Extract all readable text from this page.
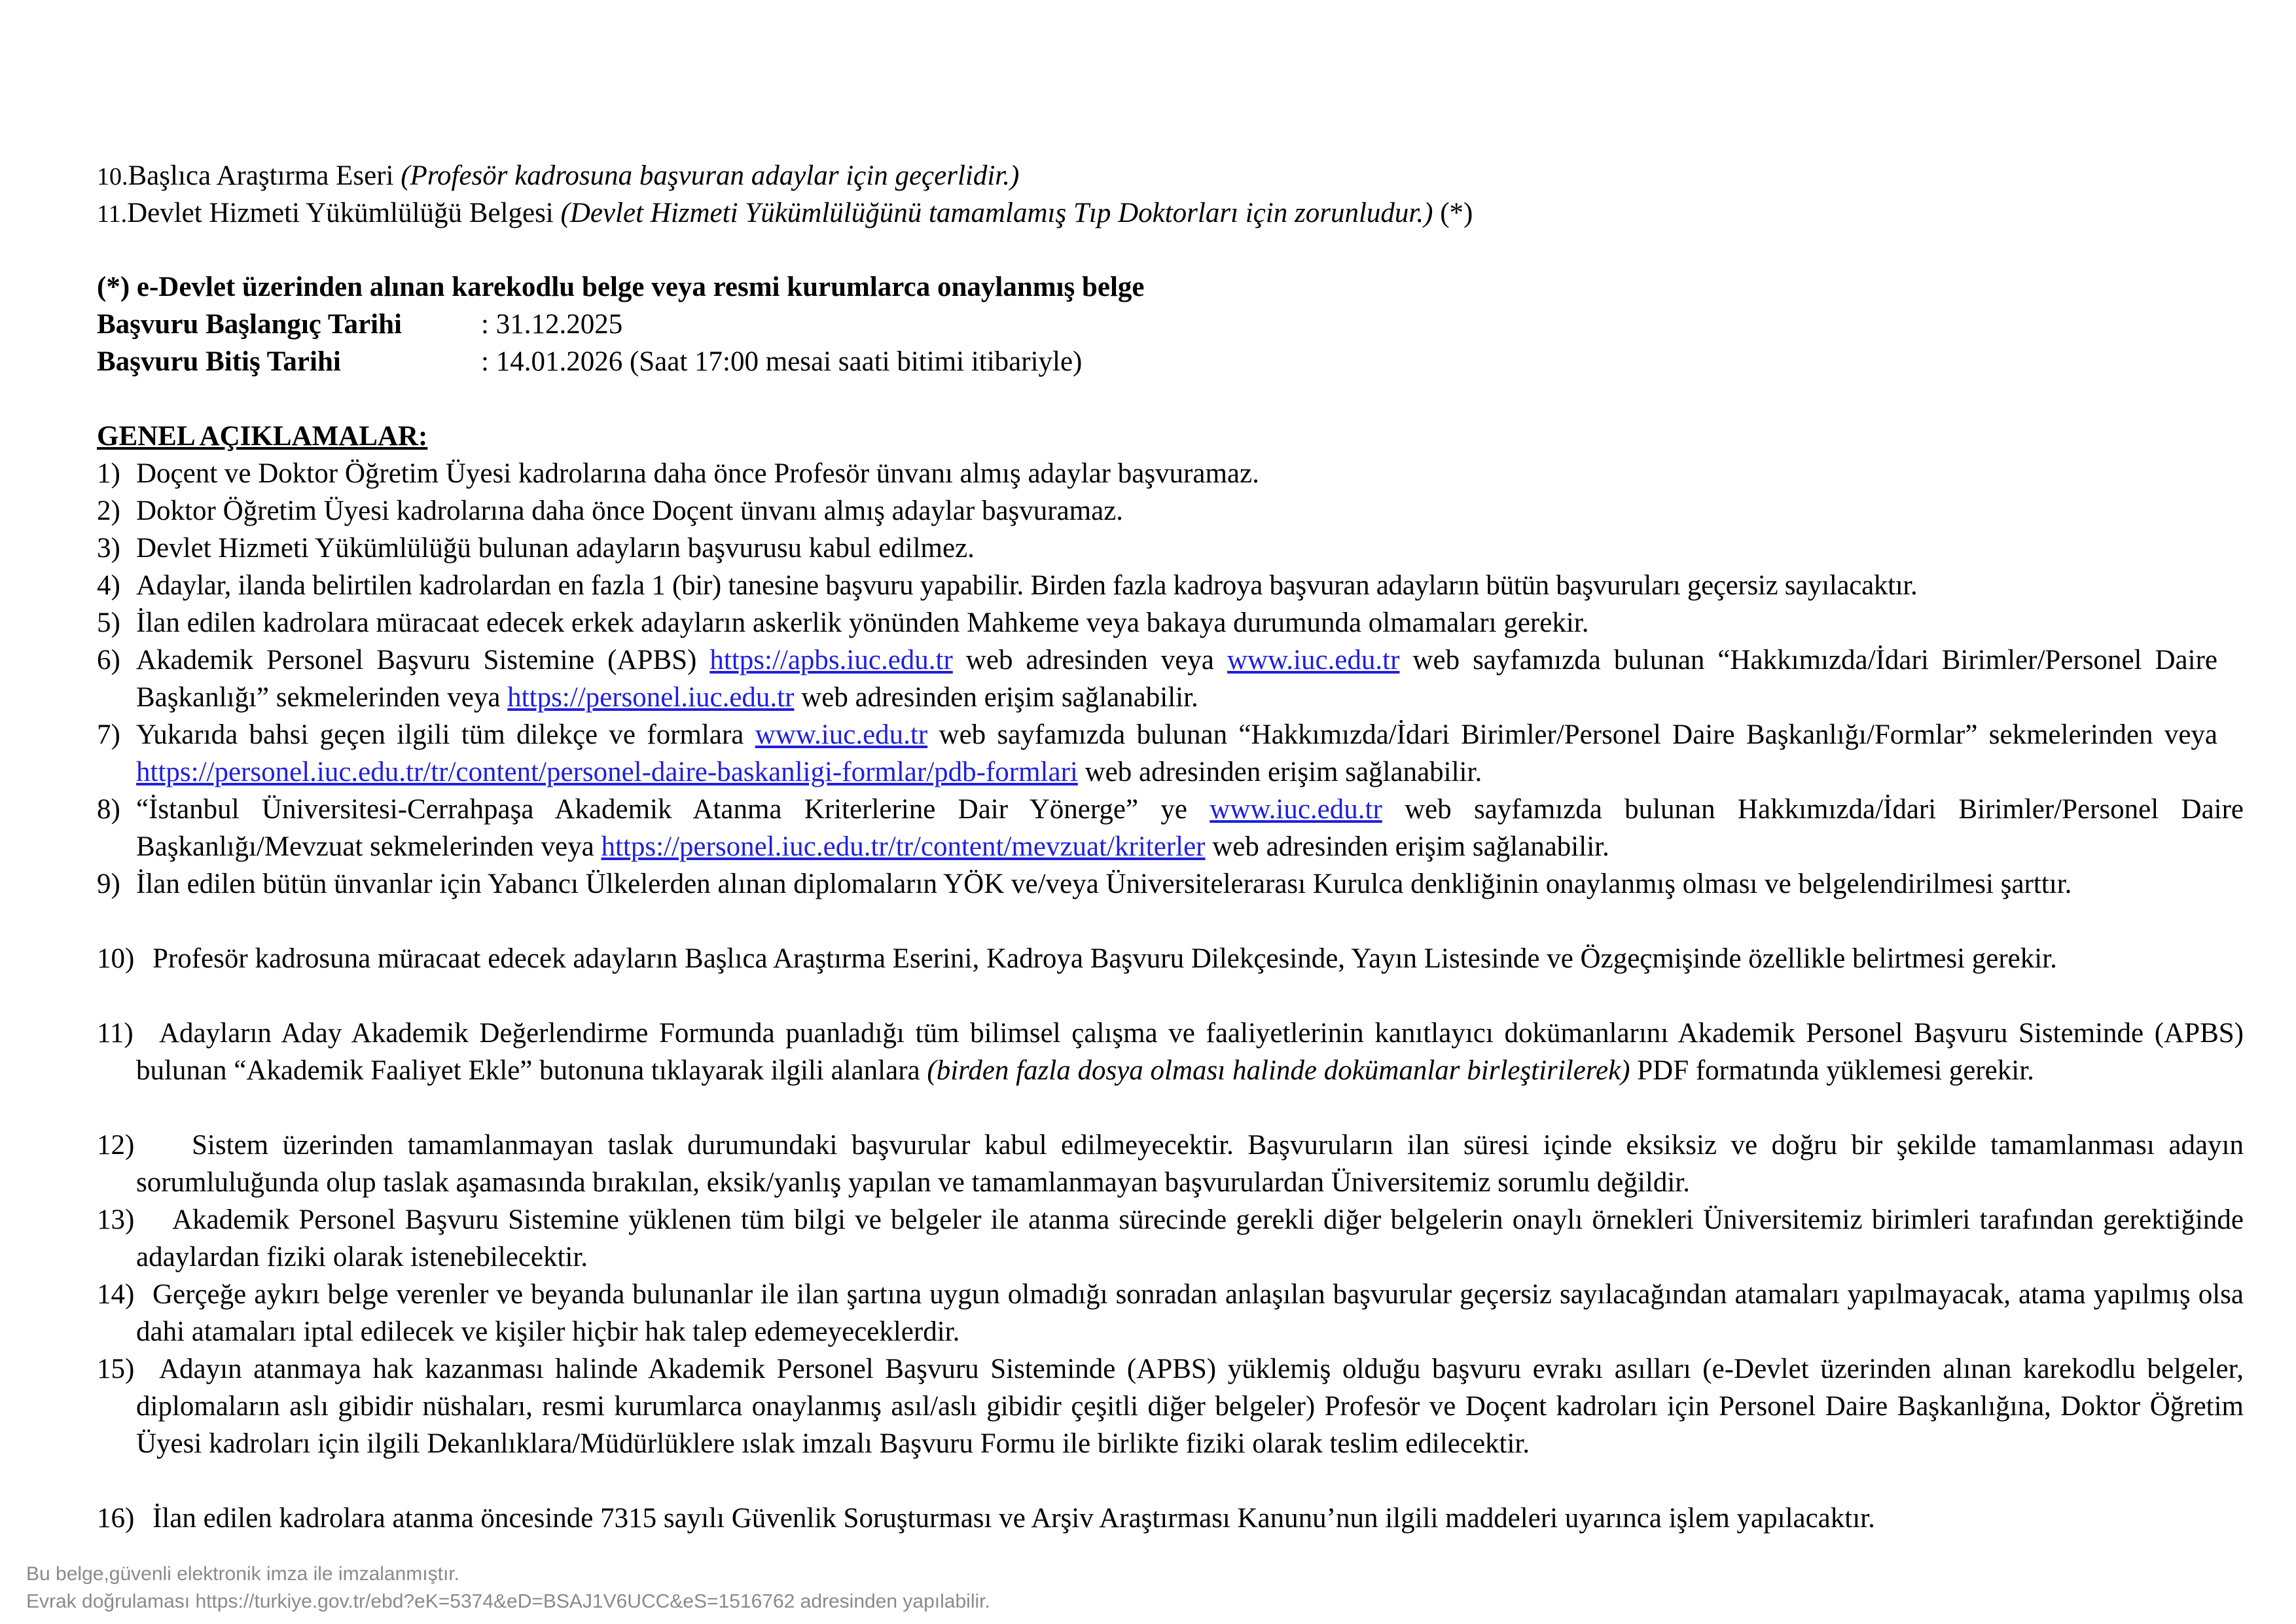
10.Başlıca Araştırma Eseri (Profesör kadrosuna başvuran adaylar için geçerlidir.)
11.Devlet Hizmeti Yükümlülüğü Belgesi (Devlet Hizmeti Yükümlülüğünü tamamlamış Tıp Doktorları için zorunludur.) (*)
(*) e-Devlet üzerinden alınan karekodlu belge veya resmi kurumlarca onaylanmış belge
Başvuru Başlangıç Tarihi	: 31.12.2025
Başvuru Bitiş Tarihi	: 14.01.2026 (Saat 17:00 mesai saati bitimi itibariyle)
GENEL AÇIKLAMALAR:
1) Doçent ve Doktor Öğretim Üyesi kadrolarına daha önce Profesör ünvanı almış adaylar başvuramaz.
2) Doktor Öğretim Üyesi kadrolarına daha önce Doçent ünvanı almış adaylar başvuramaz.
3) Devlet Hizmeti Yükümlülüğü bulunan adayların başvurusu kabul edilmez.
4) Adaylar, ilanda belirtilen kadrolardan en fazla 1 (bir) tanesine başvuru yapabilir. Birden fazla kadroya başvuran adayların bütün başvuruları geçersiz sayılacaktır.
5) İlan edilen kadrolara müracaat edecek erkek adayların askerlik yönünden Mahkeme veya bakaya durumunda olmamaları gerekir.
6) Akademik Personel Başvuru Sistemine (APBS) https://apbs.iuc.edu.tr web adresinden veya www.iuc.edu.tr web sayfamızda bulunan “Hakkımızda/İdari Birimler/Personel Daire Başkanlığı” sekmelerinden veya https://personel.iuc.edu.tr web adresinden erişim sağlanabilir.
7) Yukarıda bahsi geçen ilgili tüm dilekçe ve formlara www.iuc.edu.tr web sayfamızda bulunan “Hakkımızda/İdari Birimler/Personel Daire Başkanlığı/Formlar” sekmelerinden veya https://personel.iuc.edu.tr/tr/content/personel-daire-baskanligi-formlar/pdb-formlari web adresinden erişim sağlanabilir.
8) “İstanbul Üniversitesi-Cerrahpaşa Akademik Atanma Kriterlerine Dair Yönerge” ye www.iuc.edu.tr web sayfamızda bulunan Hakkımızda/İdari Birimler/Personel Daire Başkanlığı/Mevzuat sekmelerinden veya https://personel.iuc.edu.tr/tr/content/mevzuat/kriterler web adresinden erişim sağlanabilir.
9) İlan edilen bütün ünvanlar için Yabancı Ülkelerden alınan diplomaların YÖK ve/veya Üniversitelerarası Kurulca denkliğinin onaylanmış olması ve belgelendirilmesi şarttır.
10) Profesör kadrosuna müracaat edecek adayların Başlıca Araştırma Eserini, Kadroya Başvuru Dilekçesinde, Yayın Listesinde ve Özgeçmişinde özellikle belirtmesi gerekir.
11) Adayların Aday Akademik Değerlendirme Formunda puanladığı tüm bilimsel çalışma ve faaliyetlerinin kanıtlayıcı dokümanlarını Akademik Personel Başvuru Sisteminde (APBS) bulunan “Akademik Faaliyet Ekle” butonuna tıklayarak ilgili alanlara (birden fazla dosya olması halinde dokümanlar birleştirilerek) PDF formatında yüklemesi gerekir.
12)	Sistem üzerinden tamamlanmayan taslak durumundaki başvurular kabul edilmeyecektir. Başvuruların ilan süresi içinde eksiksiz ve doğru bir şekilde tamamlanması adayın sorumluluğunda olup taslak aşamasında bırakılan, eksik/yanlış yapılan ve tamamlanmayan başvurulardan Üniversitemiz sorumlu değildir.
13)	Akademik Personel Başvuru Sistemine yüklenen tüm bilgi ve belgeler ile atanma sürecinde gerekli diğer belgelerin onaylı örnekleri Üniversitemiz birimleri tarafından gerektiğinde adaylardan fiziki olarak istenebilecektir.
14) Gerçeğe aykırı belge verenler ve beyanda bulunanlar ile ilan şartına uygun olmadığı sonradan anlaşılan başvurular geçersiz sayılacağından atamaları yapılmayacak, atama yapılmış olsa dahi atamaları iptal edilecek ve kişiler hiçbir hak talep edemeyeceklerdir.
15) Adayın atanmaya hak kazanması halinde Akademik Personel Başvuru Sisteminde (APBS) yüklemiş olduğu başvuru evrakı asılları (e-Devlet üzerinden alınan karekodlu belgeler, diplomaların aslı gibidir nüshaları, resmi kurumlarca onaylanmış asıl/aslı gibidir çeşitli diğer belgeler) Profesör ve Doçent kadroları için Personel Daire Başkanlığına, Doktor Öğretim Üyesi kadroları için ilgili Dekanlıklara/Müdürlüklere ıslak imzalı Başvuru Formu ile birlikte fiziki olarak teslim edilecektir.
16) İlan edilen kadrolara atanma öncesinde 7315 sayılı Güvenlik Soruşturması ve Arşiv Araştırması Kanunu’nun ilgili maddeleri uyarınca işlem yapılacaktır.
Bu belge,güvenli elektronik imza ile imzalanmıştır.
Evrak doğrulaması https://turkiye.gov.tr/ebd?eK=5374&eD=BSAJ1V6UCC&eS=1516762 adresinden yapılabilir.
